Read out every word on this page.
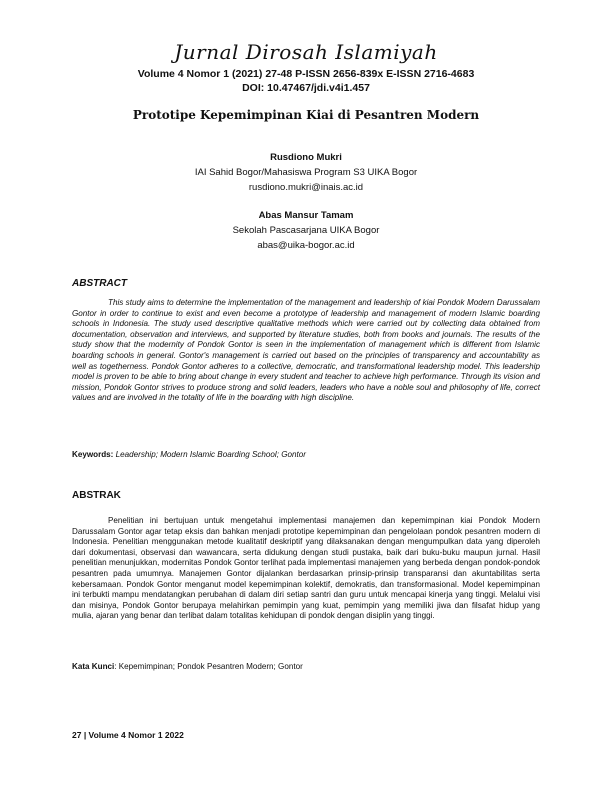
Jurnal Dirosah Islamiyah
Volume 4 Nomor 1 (2021) 27-48 P-ISSN 2656-839x E-ISSN 2716-4683
DOI: 10.47467/jdi.v4i1.457
Prototipe Kepemimpinan Kiai di Pesantren Modern
Rusdiono Mukri
IAI Sahid Bogor/Mahasiswa Program S3 UIKA Bogor
rusdiono.mukri@inais.ac.id
Abas Mansur Tamam
Sekolah Pascasarjana UIKA Bogor
abas@uika-bogor.ac.id
ABSTRACT
This study aims to determine the implementation of the management and leadership of kiai Pondok Modern Darussalam Gontor in order to continue to exist and even become a prototype of leadership and management of modern Islamic boarding schools in Indonesia. The study used descriptive qualitative methods which were carried out by collecting data obtained from documentation, observation and interviews, and supported by literature studies, both from books and journals. The results of the study show that the modernity of Pondok Gontor is seen in the implementation of management which is different from Islamic boarding schools in general. Gontor's management is carried out based on the principles of transparency and accountability as well as togetherness. Pondok Gontor adheres to a collective, democratic, and transformational leadership model. This leadership model is proven to be able to bring about change in every student and teacher to achieve high performance. Through its vision and mission, Pondok Gontor strives to produce strong and solid leaders, leaders who have a noble soul and philosophy of life, correct values and are involved in the totality of life in the boarding with high discipline.
Keywords: Leadership; Modern Islamic Boarding School; Gontor
ABSTRAK
Penelitian ini bertujuan untuk mengetahui implementasi manajemen dan kepemimpinan kiai Pondok Modern Darussalam Gontor agar tetap eksis dan bahkan menjadi prototipe kepemimpinan dan pengelolaan pondok pesantren modern di Indonesia. Penelitian menggunakan metode kualitatif deskriptif yang dilaksanakan dengan mengumpulkan data yang diperoleh dari dokumentasi, observasi dan wawancara, serta didukung dengan studi pustaka, baik dari buku-buku maupun jurnal. Hasil penelitian menunjukkan, modernitas Pondok Gontor terlihat pada implementasi manajemen yang berbeda dengan pondok-pondok pesantren pada umumnya. Manajemen Gontor dijalankan berdasarkan prinsip-prinsip transparansi dan akuntabilitas serta kebersamaan. Pondok Gontor menganut model kepemimpinan kolektif, demokratis, dan transformasional. Model kepemimpinan ini terbukti mampu mendatangkan perubahan di dalam diri setiap santri dan guru untuk mencapai kinerja yang tinggi. Melalui visi dan misinya, Pondok Gontor berupaya melahirkan pemimpin yang kuat, pemimpin yang memiliki jiwa dan filsafat hidup yang mulia, ajaran yang benar dan terlibat dalam totalitas kehidupan di pondok dengan disiplin yang tinggi.
Kata Kunci: Kepemimpinan; Pondok Pesantren Modern; Gontor
27 | Volume 4 Nomor 1 2022
